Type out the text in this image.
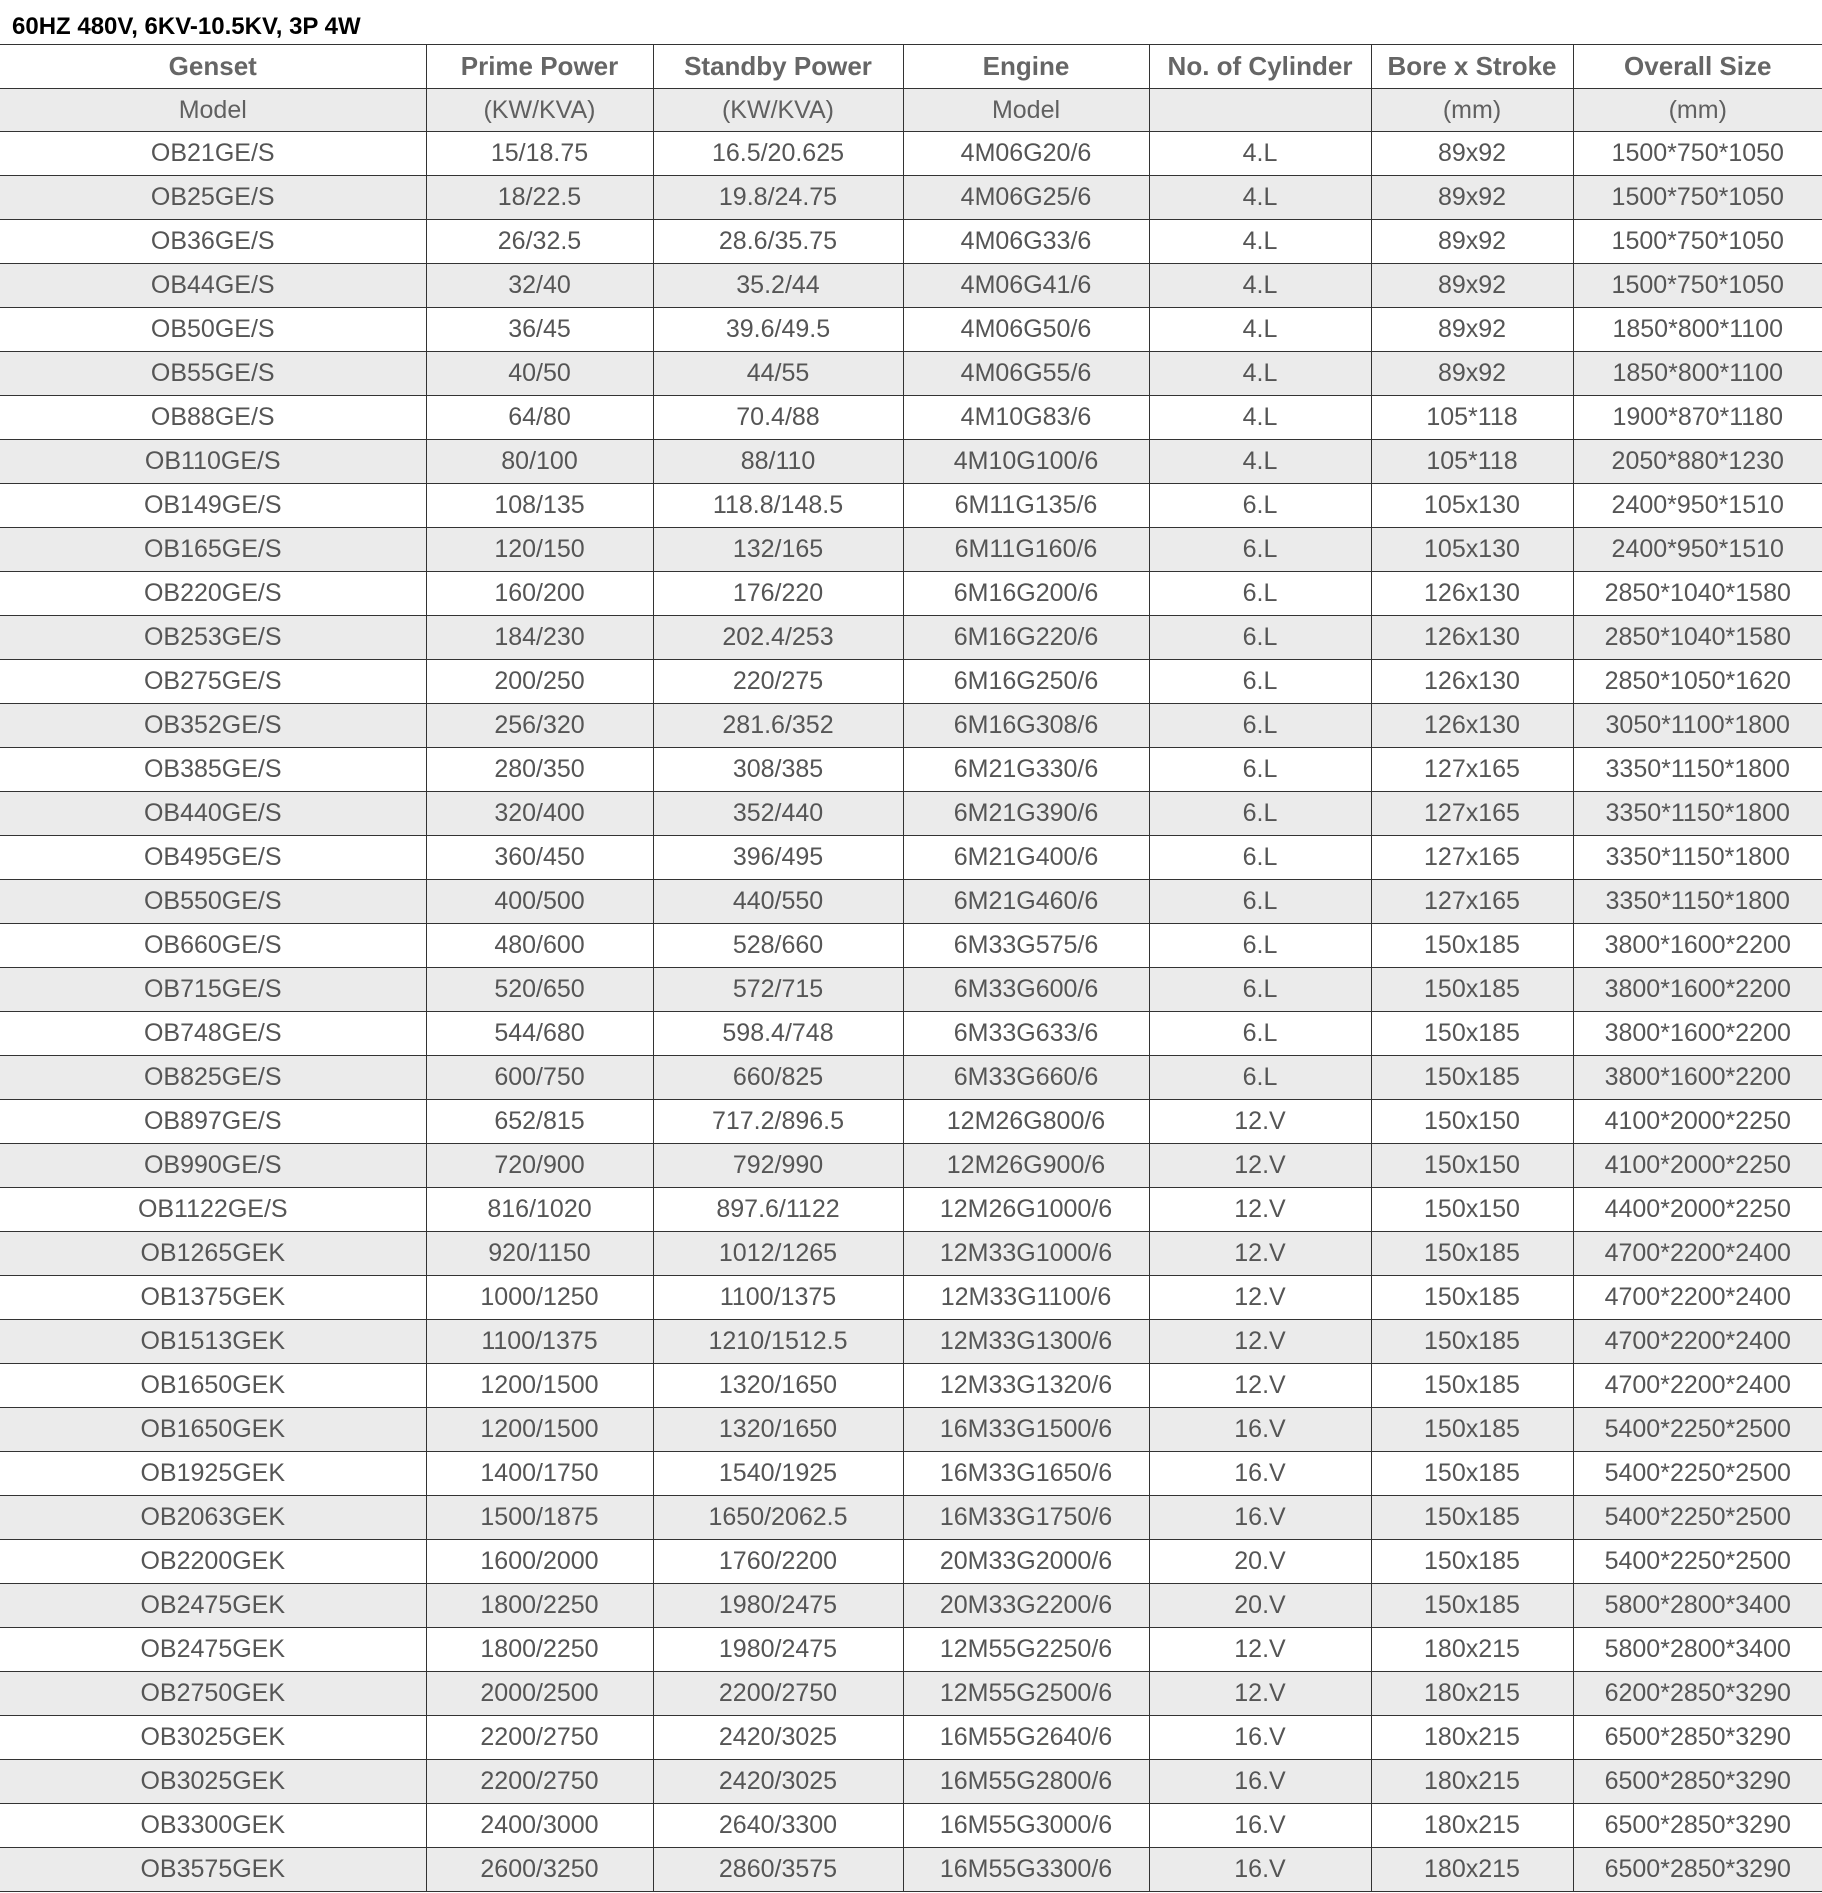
60HZ 480V, 6KV-10.5KV, 3P 4W
Genset	Prime Power	Standby Power	Engine	No. of Cylinder	Bore x Stroke	Overall Size
Model	(KW/KVA)	(KW/KVA)	Model		(mm)	(mm)
OB21GE/S	15/18.75	16.5/20.625	4M06G20/6	4.L	89x92	1500*750*1050
OB25GE/S	18/22.5	19.8/24.75	4M06G25/6	4.L	89x92	1500*750*1050
OB36GE/S	26/32.5	28.6/35.75	4M06G33/6	4.L	89x92	1500*750*1050
OB44GE/S	32/40	35.2/44	4M06G41/6	4.L	89x92	1500*750*1050
OB50GE/S	36/45	39.6/49.5	4M06G50/6	4.L	89x92	1850*800*1100
OB55GE/S	40/50	44/55	4M06G55/6	4.L	89x92	1850*800*1100
OB88GE/S	64/80	70.4/88	4M10G83/6	4.L	105*118	1900*870*1180
OB110GE/S	80/100	88/110	4M10G100/6	4.L	105*118	2050*880*1230
OB149GE/S	108/135	118.8/148.5	6M11G135/6	6.L	105x130	2400*950*1510
OB165GE/S	120/150	132/165	6M11G160/6	6.L	105x130	2400*950*1510
OB220GE/S	160/200	176/220	6M16G200/6	6.L	126x130	2850*1040*1580
OB253GE/S	184/230	202.4/253	6M16G220/6	6.L	126x130	2850*1040*1580
OB275GE/S	200/250	220/275	6M16G250/6	6.L	126x130	2850*1050*1620
OB352GE/S	256/320	281.6/352	6M16G308/6	6.L	126x130	3050*1100*1800
OB385GE/S	280/350	308/385	6M21G330/6	6.L	127x165	3350*1150*1800
OB440GE/S	320/400	352/440	6M21G390/6	6.L	127x165	3350*1150*1800
OB495GE/S	360/450	396/495	6M21G400/6	6.L	127x165	3350*1150*1800
OB550GE/S	400/500	440/550	6M21G460/6	6.L	127x165	3350*1150*1800
OB660GE/S	480/600	528/660	6M33G575/6	6.L	150x185	3800*1600*2200
OB715GE/S	520/650	572/715	6M33G600/6	6.L	150x185	3800*1600*2200
OB748GE/S	544/680	598.4/748	6M33G633/6	6.L	150x185	3800*1600*2200
OB825GE/S	600/750	660/825	6M33G660/6	6.L	150x185	3800*1600*2200
OB897GE/S	652/815	717.2/896.5	12M26G800/6	12.V	150x150	4100*2000*2250
OB990GE/S	720/900	792/990	12M26G900/6	12.V	150x150	4100*2000*2250
OB1122GE/S	816/1020	897.6/1122	12M26G1000/6	12.V	150x150	4400*2000*2250
OB1265GEK	920/1150	1012/1265	12M33G1000/6	12.V	150x185	4700*2200*2400
OB1375GEK	1000/1250	1100/1375	12M33G1100/6	12.V	150x185	4700*2200*2400
OB1513GEK	1100/1375	1210/1512.5	12M33G1300/6	12.V	150x185	4700*2200*2400
OB1650GEK	1200/1500	1320/1650	12M33G1320/6	12.V	150x185	4700*2200*2400
OB1650GEK	1200/1500	1320/1650	16M33G1500/6	16.V	150x185	5400*2250*2500
OB1925GEK	1400/1750	1540/1925	16M33G1650/6	16.V	150x185	5400*2250*2500
OB2063GEK	1500/1875	1650/2062.5	16M33G1750/6	16.V	150x185	5400*2250*2500
OB2200GEK	1600/2000	1760/2200	20M33G2000/6	20.V	150x185	5400*2250*2500
OB2475GEK	1800/2250	1980/2475	20M33G2200/6	20.V	150x185	5800*2800*3400
OB2475GEK	1800/2250	1980/2475	12M55G2250/6	12.V	180x215	5800*2800*3400
OB2750GEK	2000/2500	2200/2750	12M55G2500/6	12.V	180x215	6200*2850*3290
OB3025GEK	2200/2750	2420/3025	16M55G2640/6	16.V	180x215	6500*2850*3290
OB3025GEK	2200/2750	2420/3025	16M55G2800/6	16.V	180x215	6500*2850*3290
OB3300GEK	2400/3000	2640/3300	16M55G3000/6	16.V	180x215	6500*2850*3290
OB3575GEK	2600/3250	2860/3575	16M55G3300/6	16.V	180x215	6500*2850*3290
